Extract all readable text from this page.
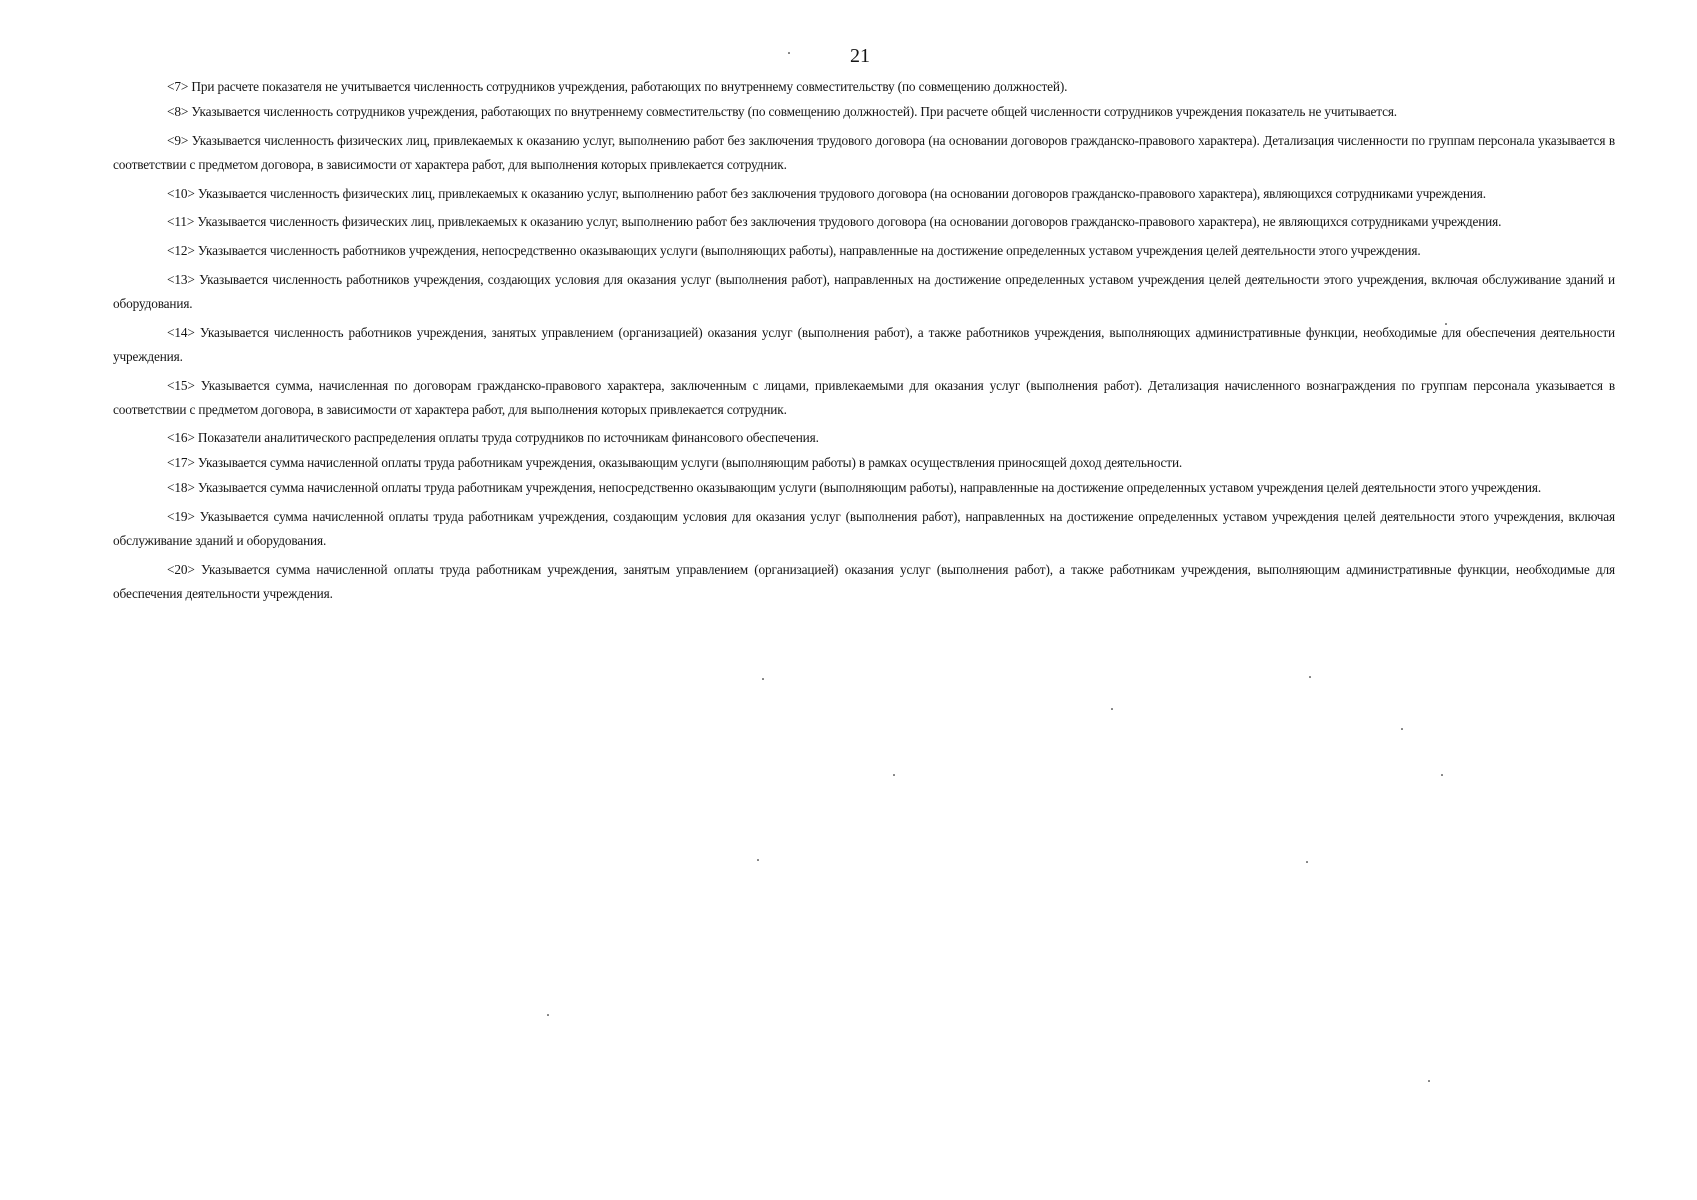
21

<7> При расчете показателя не учитывается численность сотрудников учреждения, работающих по внутреннему совместительству (по совмещению должностей).

<8> Указывается численность сотрудников учреждения, работающих по внутреннему совместительству (по совмещению должностей). При расчете общей численности сотрудников учреждения показатель не учитывается.

<9> Указывается численность физических лиц, привлекаемых к оказанию услуг, выполнению работ без заключения трудового договора (на основании договоров гражданско-правового характера). Детализация численности по группам персонала указывается в соответствии с предметом договора, в зависимости от характера работ, для выполнения которых привлекается сотрудник.

<10> Указывается численность физических лиц, привлекаемых к оказанию услуг, выполнению работ без заключения трудового договора (на основании договоров гражданско-правового характера), являющихся сотрудниками учреждения.

<11> Указывается численность физических лиц, привлекаемых к оказанию услуг, выполнению работ без заключения трудового договора (на основании договоров гражданско-правового характера), не являющихся сотрудниками учреждения.

<12> Указывается численность работников учреждения, непосредственно оказывающих услуги (выполняющих работы), направленные на достижение определенных уставом учреждения целей деятельности этого учреждения.

<13> Указывается численность работников учреждения, создающих условия для оказания услуг (выполнения работ), направленных на достижение определенных уставом учреждения целей деятельности этого учреждения, включая обслуживание зданий и оборудования.

<14> Указывается численность работников учреждения, занятых управлением (организацией) оказания услуг (выполнения работ), а также работников учреждения, выполняющих административные функции, необходимые для обеспечения деятельности учреждения.

<15> Указывается сумма, начисленная по договорам гражданско-правового характера, заключенным с лицами, привлекаемыми для оказания услуг (выполнения работ). Детализация начисленного вознаграждения по группам персонала указывается в соответствии с предметом договора, в зависимости от характера работ, для выполнения которых привлекается сотрудник.

<16> Показатели аналитического распределения оплаты труда сотрудников по источникам финансового обеспечения.

<17> Указывается сумма начисленной оплаты труда работникам учреждения, оказывающим услуги (выполняющим работы) в рамках осуществления приносящей доход деятельности.

<18> Указывается сумма начисленной оплаты труда работникам учреждения, непосредственно оказывающим услуги (выполняющим работы), направленные на достижение определенных уставом учреждения целей деятельности этого учреждения.

<19> Указывается сумма начисленной оплаты труда работникам учреждения, создающим условия для оказания услуг (выполнения работ), направленных на достижение определенных уставом учреждения целей деятельности этого учреждения, включая обслуживание зданий и оборудования.

<20> Указывается сумма начисленной оплаты труда работникам учреждения, занятым управлением (организацией) оказания услуг (выполнения работ), а также работникам учреждения, выполняющим административные функции, необходимые для обеспечения деятельности учреждения.
